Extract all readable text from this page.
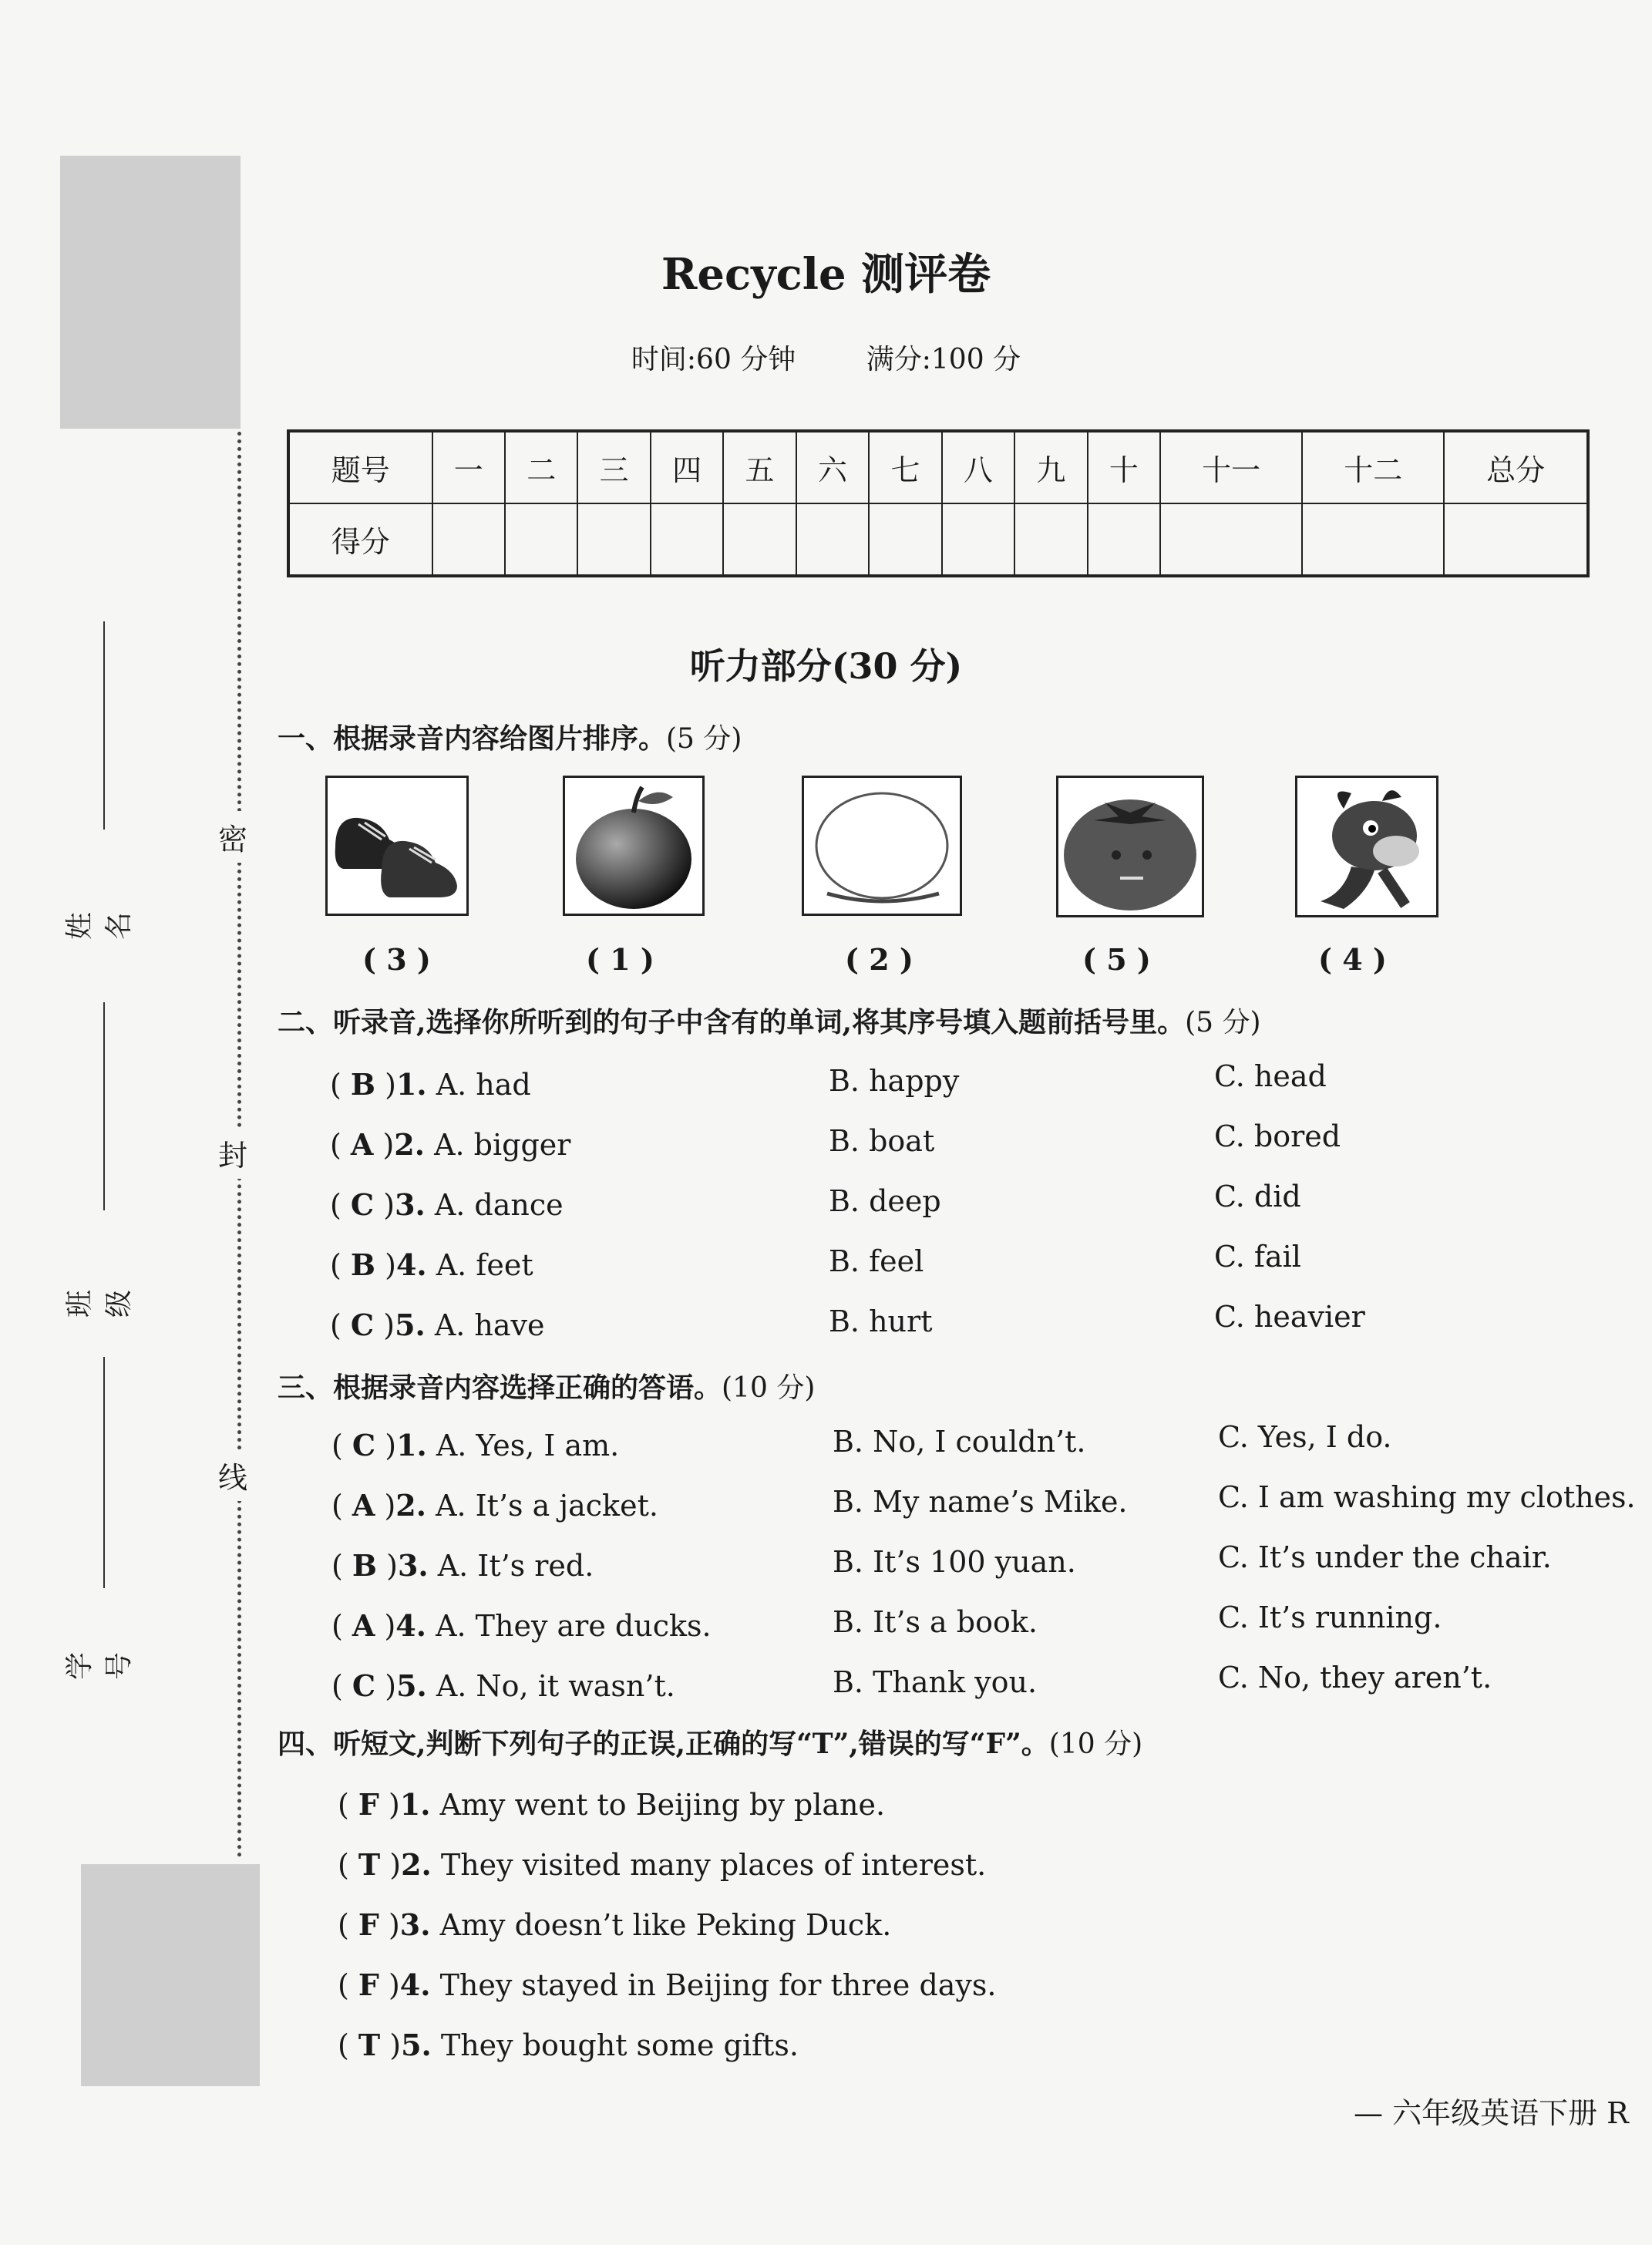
密
封
线
姓名
班级
学号
Recycle 测评卷
时间:60 分钟	满分:100 分
题号	一	二	三	四	五	六	七	八	九	十	十一	十二	总分
得分													
听力部分(30 分)
一、根据录音内容给图片排序。(5 分)
( 3 )	( 1 )	( 2 )	( 5 )	( 4 )
二、听录音,选择你所听到的句子中含有的单词,将其序号填入题前括号里。(5 分)
( B )1. A. had	B. happy	C. head
( A )2. A. bigger	B. boat	C. bored
( C )3. A. dance	B. deep	C. did
( B )4. A. feet	B. feel	C. fail
( C )5. A. have	B. hurt	C. heavier
三、根据录音内容选择正确的答语。(10 分)
( C )1. A. Yes, I am.	B. No, I couldn’t.	C. Yes, I do.
( A )2. A. It’s a jacket.	B. My name’s Mike.	C. I am washing my clothes.
( B )3. A. It’s red.	B. It’s 100 yuan.	C. It’s under the chair.
( A )4. A. They are ducks.	B. It’s a book.	C. It’s running.
( C )5. A. No, it wasn’t.	B. Thank you.	C. No, they aren’t.
四、听短文,判断下列句子的正误,正确的写“T”,错误的写“F”。(10 分)
( F )1. Amy went to Beijing by plane.
( T )2. They visited many places of interest.
( F )3. Amy doesn’t like Peking Duck.
( F )4. They stayed in Beijing for three days.
( T )5. They bought some gifts.
— 六年级英语下册 R
